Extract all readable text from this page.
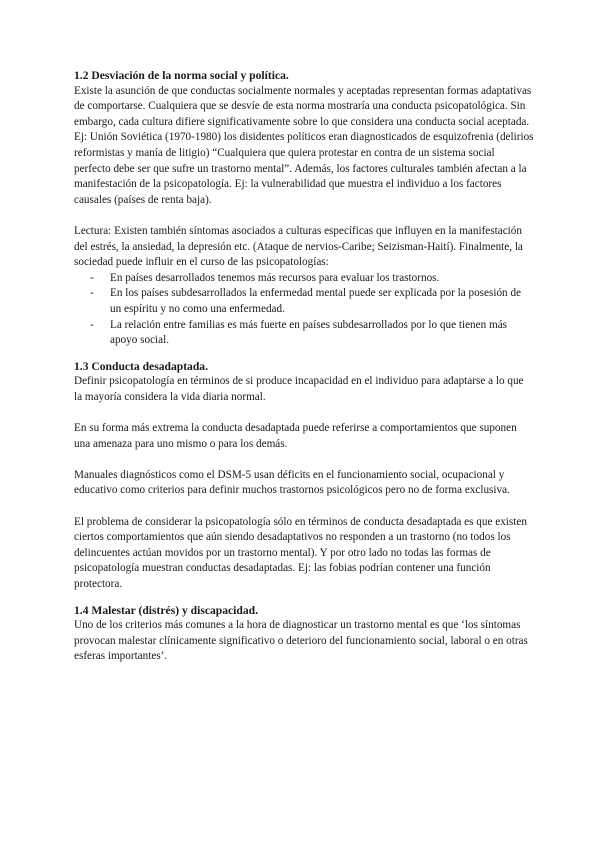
1.2 Desviación de la norma social y política.

Existe la asunción de que conductas socialmente normales y aceptadas representan formas adaptativas de comportarse. Cualquiera que se desvíe de esta norma mostraría una conducta psicopatológica. Sin embargo, cada cultura difiere significativamente sobre lo que considera una conducta social aceptada. Ej: Unión Soviética (1970-1980) los disidentes políticos eran diagnosticados de esquizofrenia (delirios reformistas y manía de litigio) “Cualquiera que quiera protestar en contra de un sistema social perfecto debe ser que sufre un trastorno mental”. Además, los factores culturales también afectan a la manifestación de la psicopatología. Ej: la vulnerabilidad que muestra el individuo a los factores causales (países de renta baja).

Lectura: Existen también síntomas asociados a culturas específicas que influyen en la manifestación del estrés, la ansiedad, la depresión etc. (Ataque de nervios-Caribe; Seizisman-Haití). Finalmente, la sociedad puede influir en el curso de las psicopatologías:

- En países desarrollados tenemos más recursos para evaluar los trastornos.
- En los países subdesarrollados la enfermedad mental puede ser explicada por la posesión de un espíritu y no como una enfermedad.
- La relación entre familias es más fuerte en países subdesarrollados por lo que tienen más apoyo social.
1.3 Conducta desadaptada.

Definir psicopatología en términos de si produce incapacidad en el individuo para adaptarse a lo que la mayoría considera la vida diaria normal.

En su forma más extrema la conducta desadaptada puede referirse a comportamientos que suponen una amenaza para uno mismo o para los demás.

Manuales diagnósticos como el DSM-5 usan déficits en el funcionamiento social, ocupacional y educativo como criterios para definir muchos trastornos psicológicos pero no de forma exclusiva.

El problema de considerar la psicopatología sólo en términos de conducta desadaptada es que existen ciertos comportamientos que aún siendo desadaptativos no responden a un trastorno (no todos los delincuentes actúan movidos por un trastorno mental). Y por otro lado no todas las formas de psicopatología muestran conductas desadaptadas. Ej: las fobias podrían contener una función protectora.

1.4 Malestar (distrés) y discapacidad.

Uno de los criterios más comunes a la hora de diagnosticar un trastorno mental es que ‘los síntomas provocan malestar clínicamente significativo o deterioro del funcionamiento social, laboral o en otras esferas importantes’.
